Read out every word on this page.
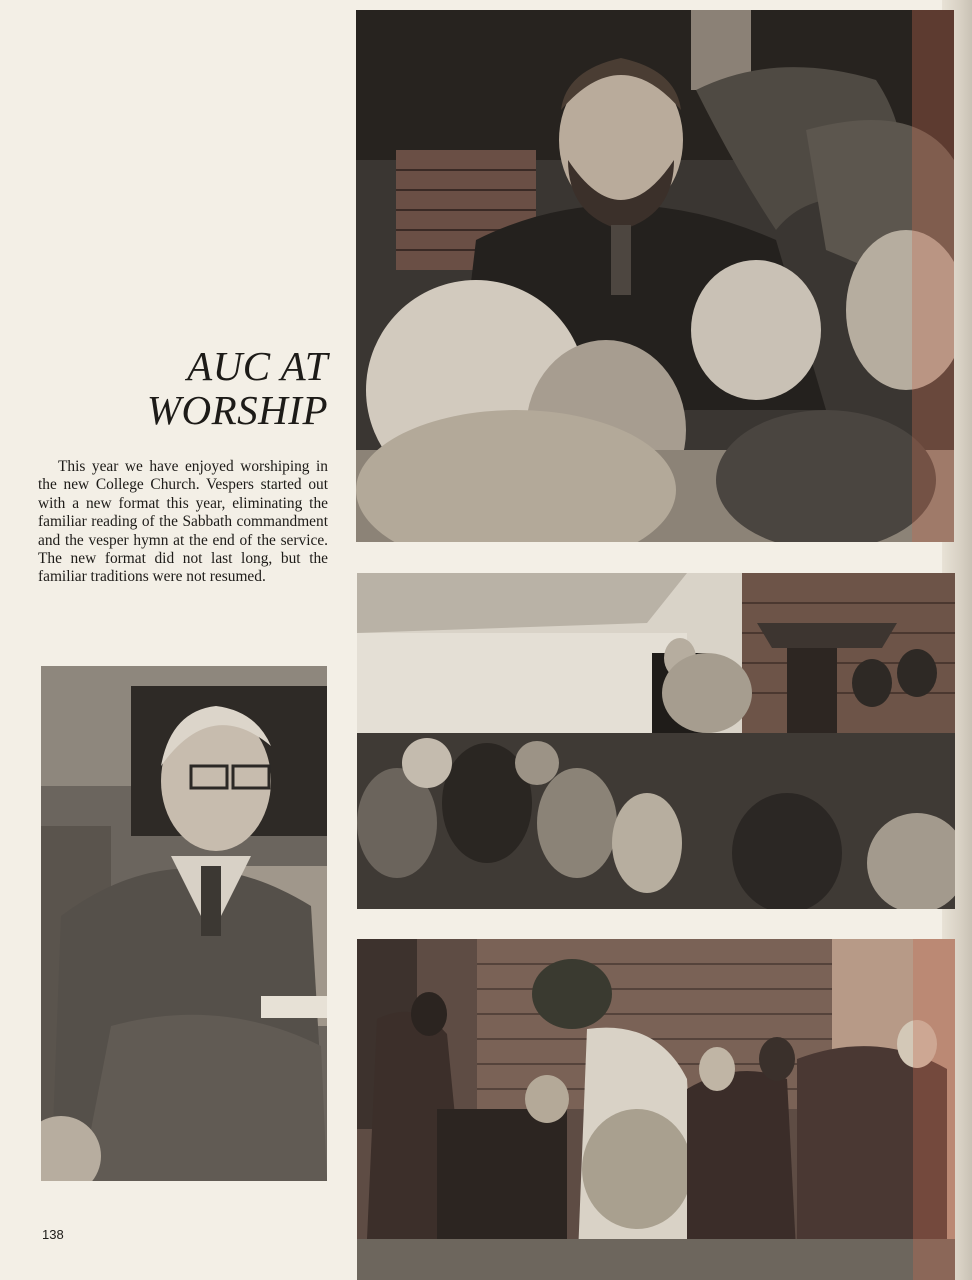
AUC AT
WORSHIP

This year we have enjoyed worshiping in the new College Church. Vespers started out with a new format this year, eliminating the familiar reading of the Sabbath commandment and the vesper hymn at the end of the service. The new format did not last long, but the familiar traditions were not resumed.

138
